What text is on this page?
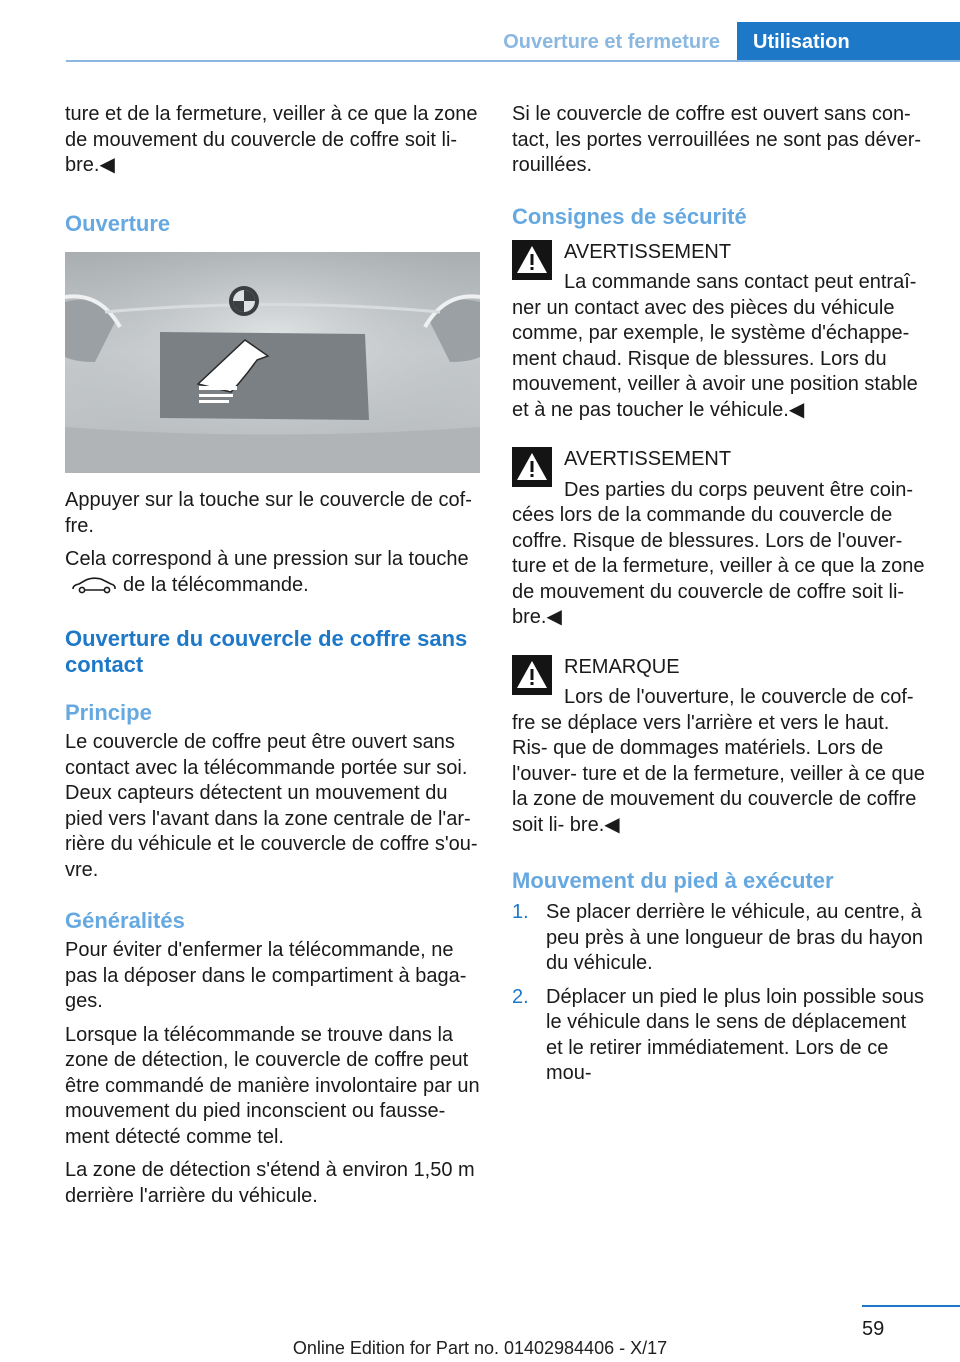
Ouverture et fermeture Utilisation

ture et de la fermeture, veiller à ce que la zone de mouvement du couvercle de coffre soit li- bre.◀

Ouverture

Appuyer sur la touche sur le couvercle de cof- fre.

Cela correspond à une pression sur la touche
de la télécommande.

Ouverture du couvercle de coffre sans contact

Principe

Le couvercle de coffre peut être ouvert sans contact avec la télécommande portée sur soi. Deux capteurs détectent un mouvement du pied vers l'avant dans la zone centrale de l'ar- rière du véhicule et le couvercle de coffre s'ou- vre.

Généralités

Pour éviter d'enfermer la télécommande, ne pas la déposer dans le compartiment à baga- ges.

Lorsque la télécommande se trouve dans la zone de détection, le couvercle de coffre peut être commandé de manière involontaire par un mouvement du pied inconscient ou fausse- ment détecté comme tel.

La zone de détection s'étend à environ 1,50 m derrière l'arrière du véhicule.

Si le couvercle de coffre est ouvert sans con- tact, les portes verrouillées ne sont pas déver- rouillées.

Consignes de sécurité

AVERTISSEMENT

La commande sans contact peut entraî-

ner un contact avec des pièces du véhicule comme, par exemple, le système d'échappe- ment chaud. Risque de blessures. Lors du mouvement, veiller à avoir une position stable et à ne pas toucher le véhicule.◀

AVERTISSEMENT

Des parties du corps peuvent être coin-

cées lors de la commande du couvercle de coffre. Risque de blessures. Lors de l'ouver- ture et de la fermeture, veiller à ce que la zone de mouvement du couvercle de coffre soit li- bre.◀

REMARQUE

Lors de l'ouverture, le couvercle de cof-

fre se déplace vers l'arrière et vers le haut. Ris- que de dommages matériels. Lors de l'ouver- ture et de la fermeture, veiller à ce que la zone de mouvement du couvercle de coffre soit li- bre.◀

Mouvement du pied à exécuter

1. Se placer derrière le véhicule, au centre, à peu près à une longueur de bras du hayon du véhicule.
2. Déplacer un pied le plus loin possible sous le véhicule dans le sens de déplacement et le retirer immédiatement. Lors de ce mou-
59
Online Edition for Part no. 01402984406 - X/17
